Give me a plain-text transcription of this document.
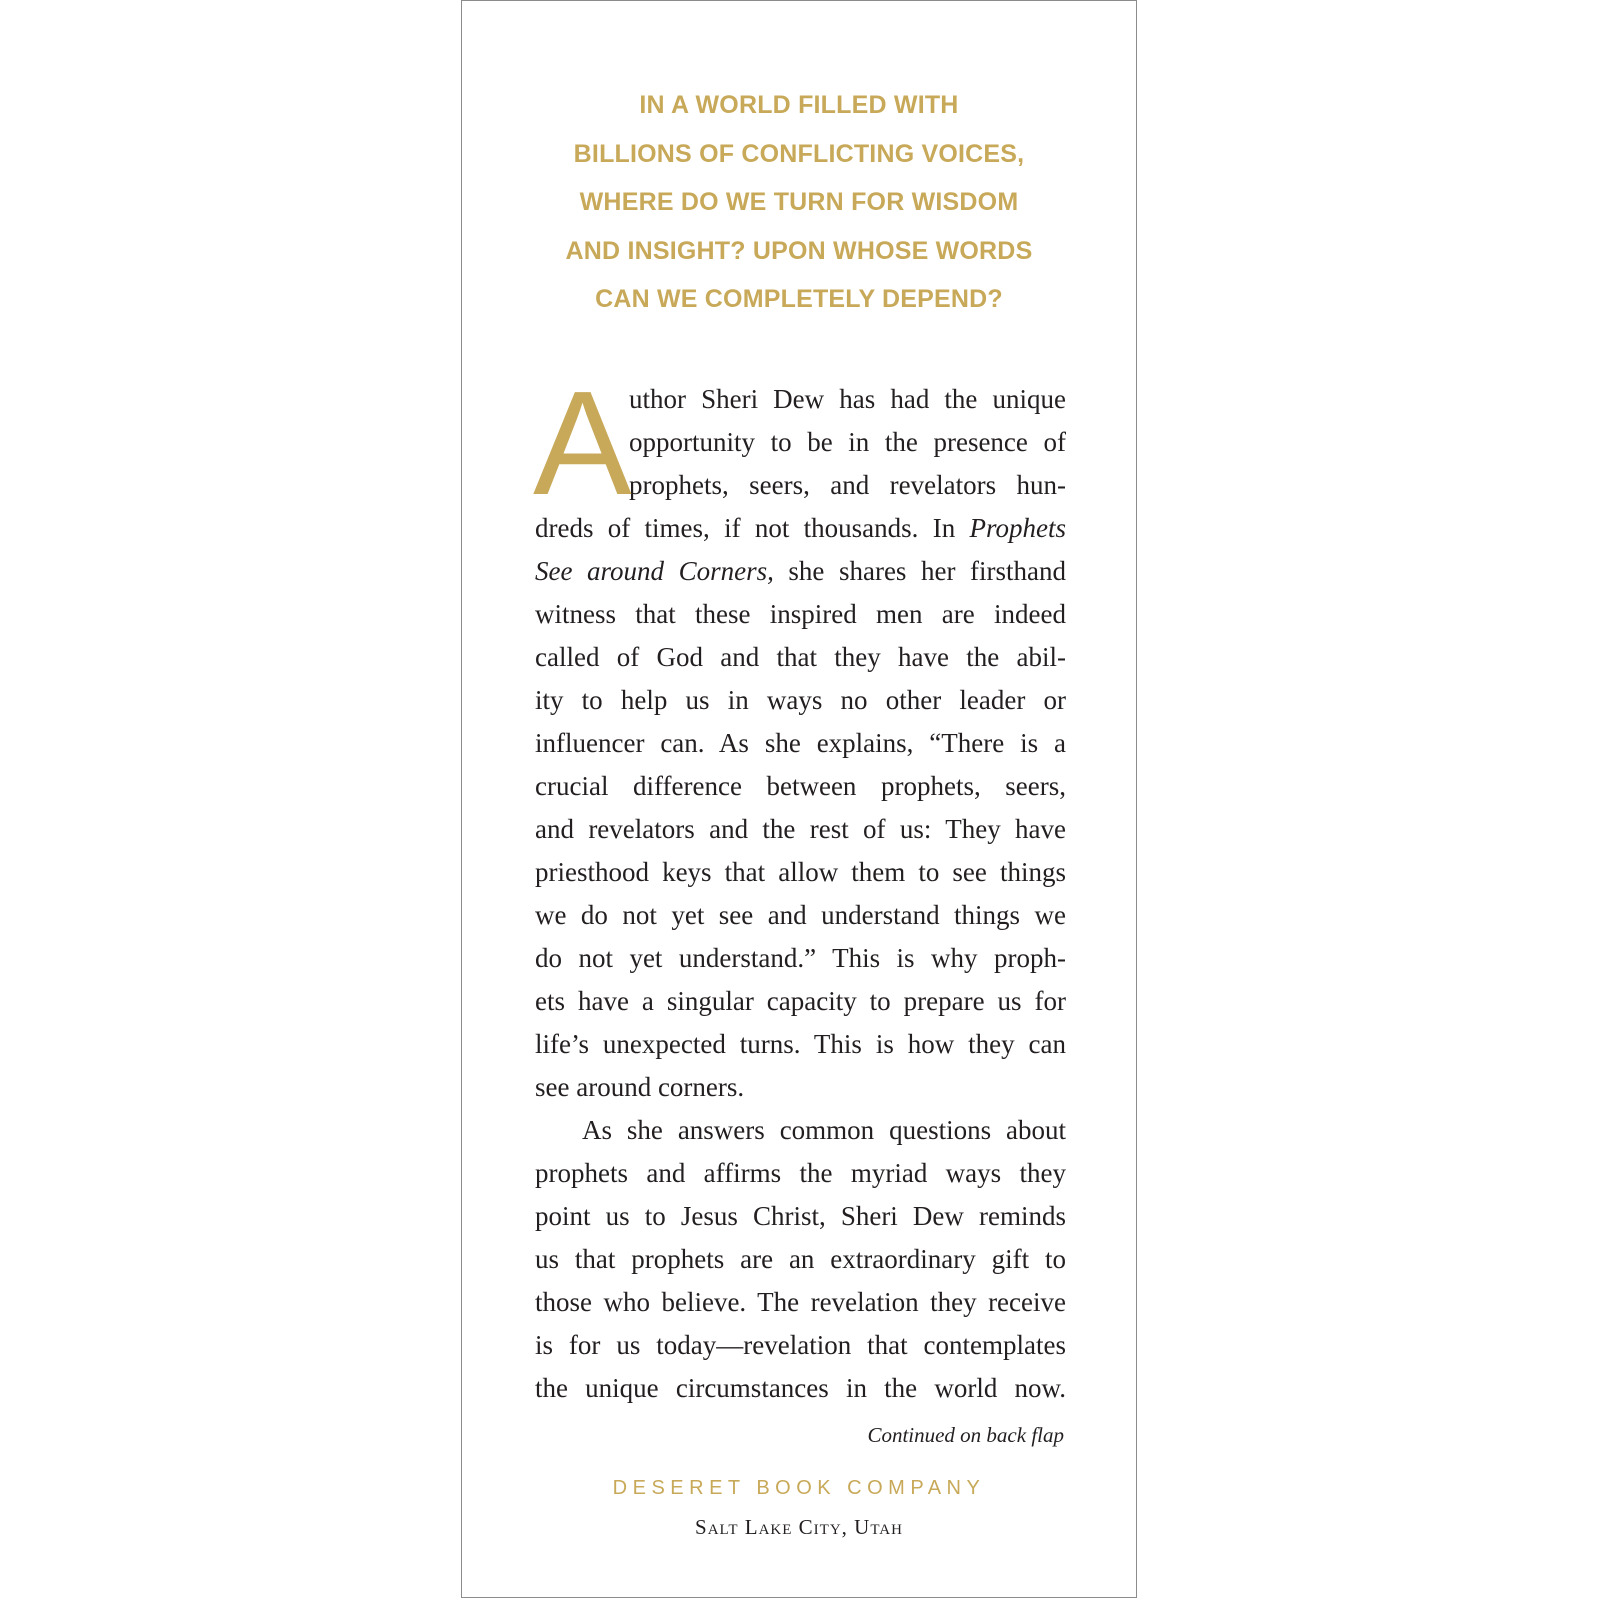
IN A WORLD FILLED WITH
BILLIONS OF CONFLICTING VOICES,
WHERE DO WE TURN FOR WISDOM
AND INSIGHT? UPON WHOSE WORDS
CAN WE COMPLETELY DEPEND?
A
uthor Sheri Dew has had the unique
opportunity to be in the presence of
prophets, seers, and revelators hun-
dreds of times, if not thousands. In Prophets
See around Corners, she shares her firsthand
witness that these inspired men are indeed
called of God and that they have the abil-
ity to help us in ways no other leader or
influencer can. As she explains, “There is a
crucial difference between prophets, seers,
and revelators and the rest of us: They have
priesthood keys that allow them to see things
we do not yet see and understand things we
do not yet understand.” This is why proph-
ets have a singular capacity to prepare us for
life’s unexpected turns. This is how they can
see around corners.
As she answers common questions about
prophets and affirms the myriad ways they
point us to Jesus Christ, Sheri Dew reminds
us that prophets are an extraordinary gift to
those who believe. The revelation they receive
is for us today—revelation that contemplates
the unique circumstances in the world now.
Continued on back flap
DESERET BOOK COMPANY
Salt Lake City, Utah
